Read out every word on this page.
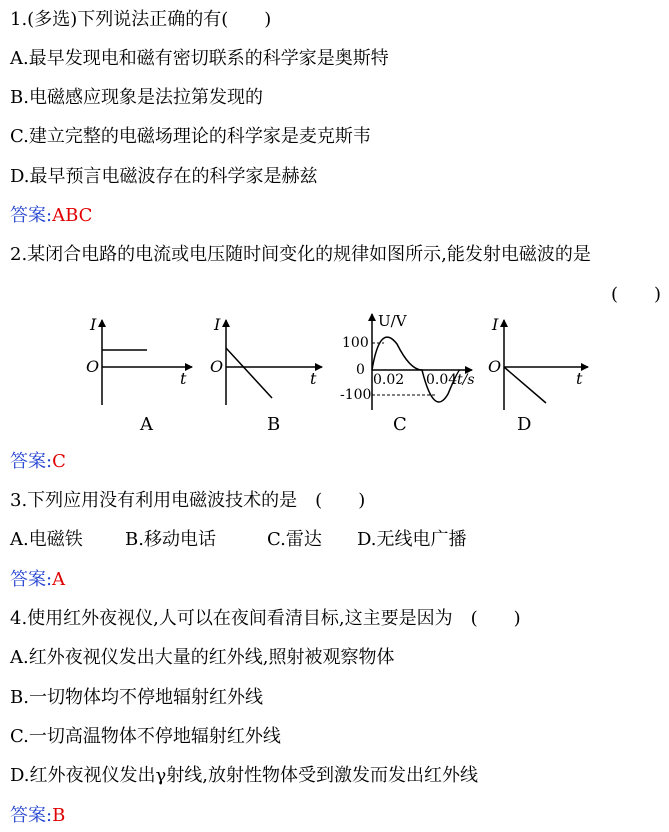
1.(多选)下列说法正确的有(　　)
A.最早发现电和磁有密切联系的科学家是奥斯特
B.电磁感应现象是法拉第发现的
C.建立完整的电磁场理论的科学家是麦克斯韦
D.最早预言电磁波存在的科学家是赫兹
答案:ABC
2.某闭合电路的电流或电压随时间变化的规律如图所示,能发射电磁波的是
(　　)
I
O
t
I
O
t
U/V
100
0
-100
0.02 0.04 t/s
I
O
t
A	B	C	D
答案:C
3.下列应用没有利用电磁波技术的是　(　　)
A.电磁铁 B.移动电话	C.雷达 D.无线电广播
答案:A
4.使用红外夜视仪,人可以在夜间看清目标,这主要是因为　(　　)
A.红外夜视仪发出大量的红外线,照射被观察物体
B.一切物体均不停地辐射红外线
C.一切高温物体不停地辐射红外线
D.红外夜视仪发出γ射线,放射性物体受到激发而发出红外线
答案:B
